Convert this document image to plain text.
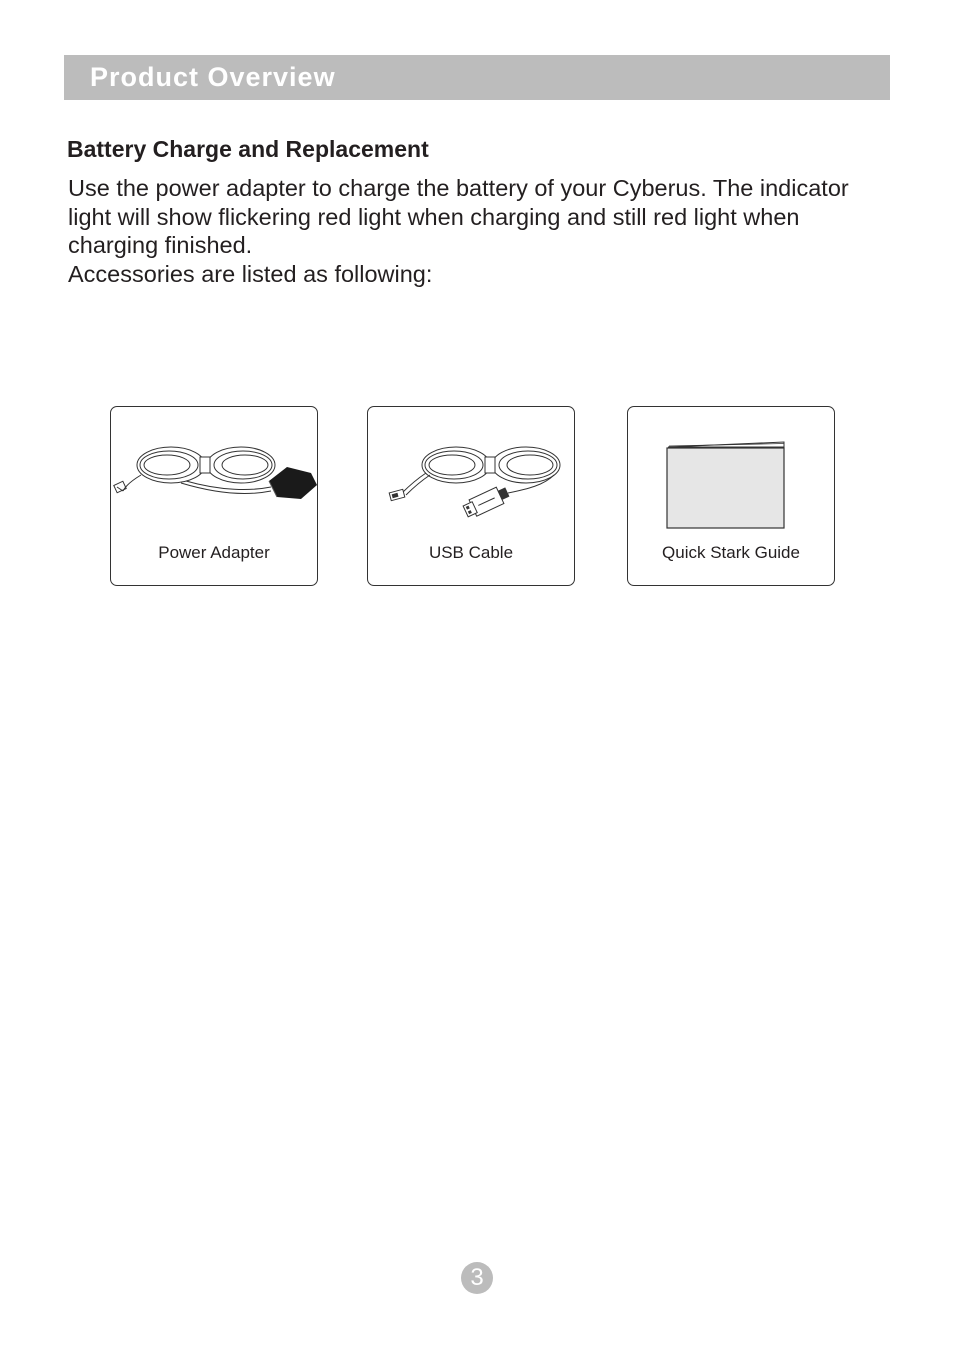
Product Overview
Battery Charge and Replacement

Use the power adapter to charge the battery of your Cyberus. The indicator light will show flickering red light when charging and still red light when charging finished.

Accessories are listed as following:

Power Adapter	USB Cable	Quick Stark Guide
3
